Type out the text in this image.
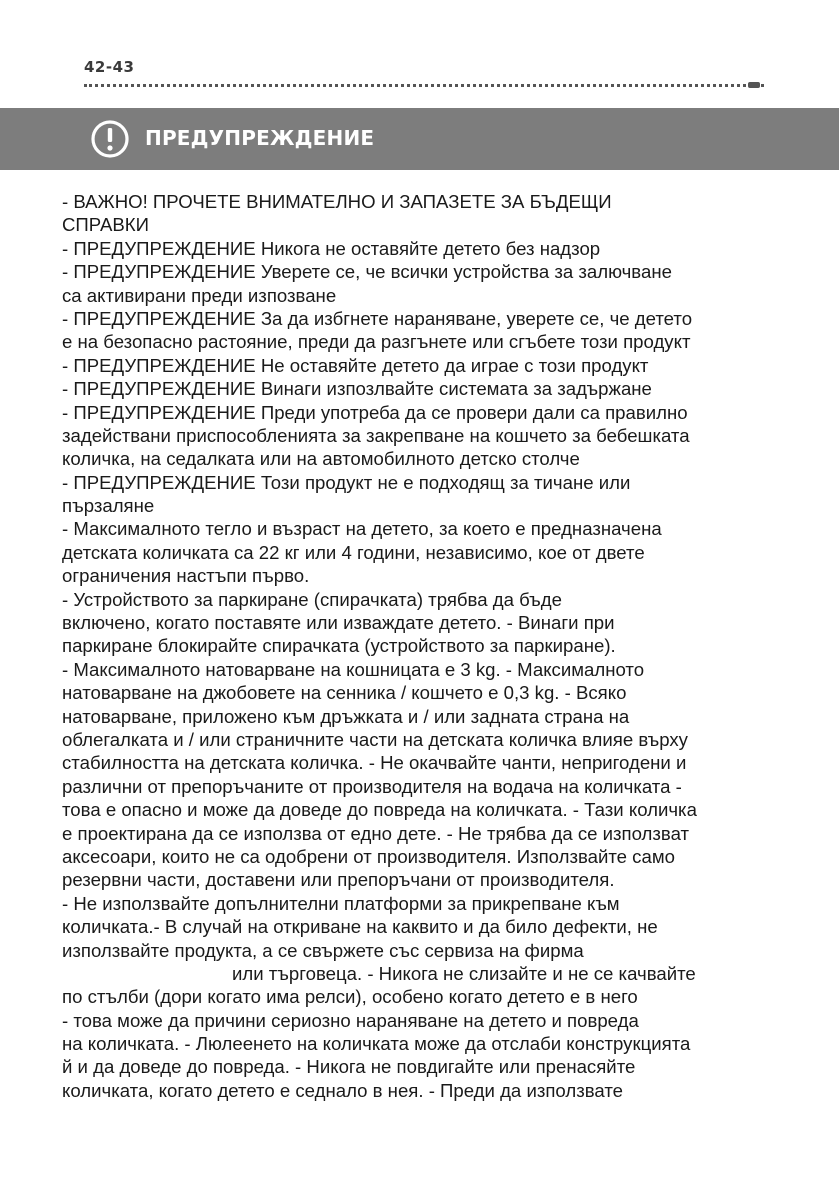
42-43
ПРЕДУПРЕЖДЕНИЕ
- ВАЖНО! ПРОЧЕТЕ ВНИМАТЕЛНО И ЗАПАЗЕТЕ ЗА БЪДЕЩИ
СПРАВКИ
- ПРЕДУПРЕЖДЕНИЕ Никога не оставяйте детето без надзор
- ПРЕДУПРЕЖДЕНИЕ Уверете се, че всички устройства за залючване
са активирани преди изпозване
- ПРЕДУПРЕЖДЕНИЕ За да избгнете нараняване, уверете се, че детето
е на безопасно растояние, преди да разгънете или сгъбете този продукт
- ПРЕДУПРЕЖДЕНИЕ Не оставяйте детето да играе с този продукт
- ПРЕДУПРЕЖДЕНИЕ Винаги изпозлвайте системата за задържане
- ПРЕДУПРЕЖДЕНИЕ Преди употреба да се провери дали са правилно
задействани приспособленията за закрепване на кошчето за бебешката
количка, на седалката или на автомобилното детско столче
- ПРЕДУПРЕЖДЕНИЕ Този продукт не е подходящ за тичане или
пързаляне
- Максималното тегло и възраст на детето, за което е предназначена
детската количката са 22 кг или 4 години, независимо, кое от двете
ограничения настъпи първо.
- Устройството за паркиране (спирачката) трябва да бъде
включено, когато поставяте или изваждате детето. - Винаги при
паркиране блокирайте спирачката (устройството за паркиране).
- Максималното натоварване на кошницата е 3 kg. - Максималното
натоварване на джобовете на сенника / кошчето е 0,3 kg. - Всяко
натоварване, приложено към дръжката и / или задната страна на
облегалката и / или страничните части на детската количка влияе върху
стабилността на детската количка. - Не окачвайте чанти, непригодени и
различни от препоръчаните от производителя на водача на количката -
това е опасно и може да доведе до повреда на количката. - Тази количка
е проектирана да се използва от едно дете. - Не трябва да се използват
аксесоари, които не са одобрени от производителя. Използвайте само
резервни части, доставени или препоръчани от производителя.
- Не използвайте допълнителни платформи за прикрепване към
количката.- В случай на откриване на каквито и да било дефекти, не
използвайте продукта, а се свържете със сервиза на фирма
или търговеца. - Никога не слизайте и не се качвайте
по стълби (дори когато има релси), особено когато детето е в него
- това може да причини сериозно нараняване на детето и повреда
на количката. - Люлеенето на количката може да отслаби конструкцията
й и да доведе до повреда. - Никога не повдигайте или пренасяйте
количката, когато детето е седнало в нея. - Преди да използвате
